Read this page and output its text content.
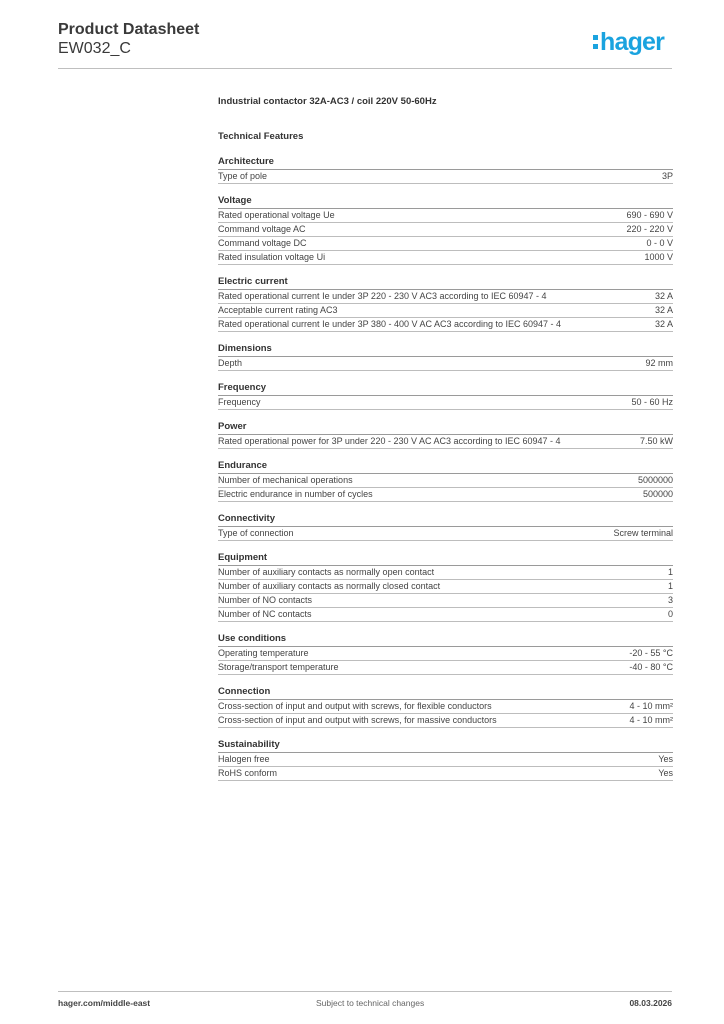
Product Datasheet
EW032_C	hager
Industrial contactor 32A-AC3 / coil 220V 50-60Hz
Technical Features
Architecture
Type of pole	3P
Voltage
Rated operational voltage Ue	690 - 690 V
Command voltage AC	220 - 220 V
Command voltage DC	0 - 0 V
Rated insulation voltage Ui	1000 V
Electric current
Rated operational current Ie under 3P 220 - 230 V AC3 according to IEC 60947 - 4	32 A
Acceptable current rating AC3	32 A
Rated operational current Ie under 3P 380 - 400 V AC AC3 according to IEC 60947 - 4	32 A
Dimensions
Depth	92 mm
Frequency
Frequency	50 - 60 Hz
Power
Rated operational power for 3P under 220 - 230 V AC AC3 according to IEC 60947 - 4	7.50 kW
Endurance
Number of mechanical operations	5000000
Electric endurance in number of cycles	500000
Connectivity
Type of connection	Screw terminal
Equipment
Number of auxiliary contacts as normally open contact	1
Number of auxiliary contacts as normally closed contact	1
Number of NO contacts	3
Number of NC contacts	0
Use conditions
Operating temperature	-20 - 55 °C
Storage/transport temperature	-40 - 80 °C
Connection
Cross-section of input and output with screws, for flexible conductors	4 - 10 mm²
Cross-section of input and output with screws, for massive conductors	4 - 10 mm²
Sustainability
Halogen free	Yes
RoHS conform	Yes
hager.com/middle-east	Subject to technical changes	08.03.2026
